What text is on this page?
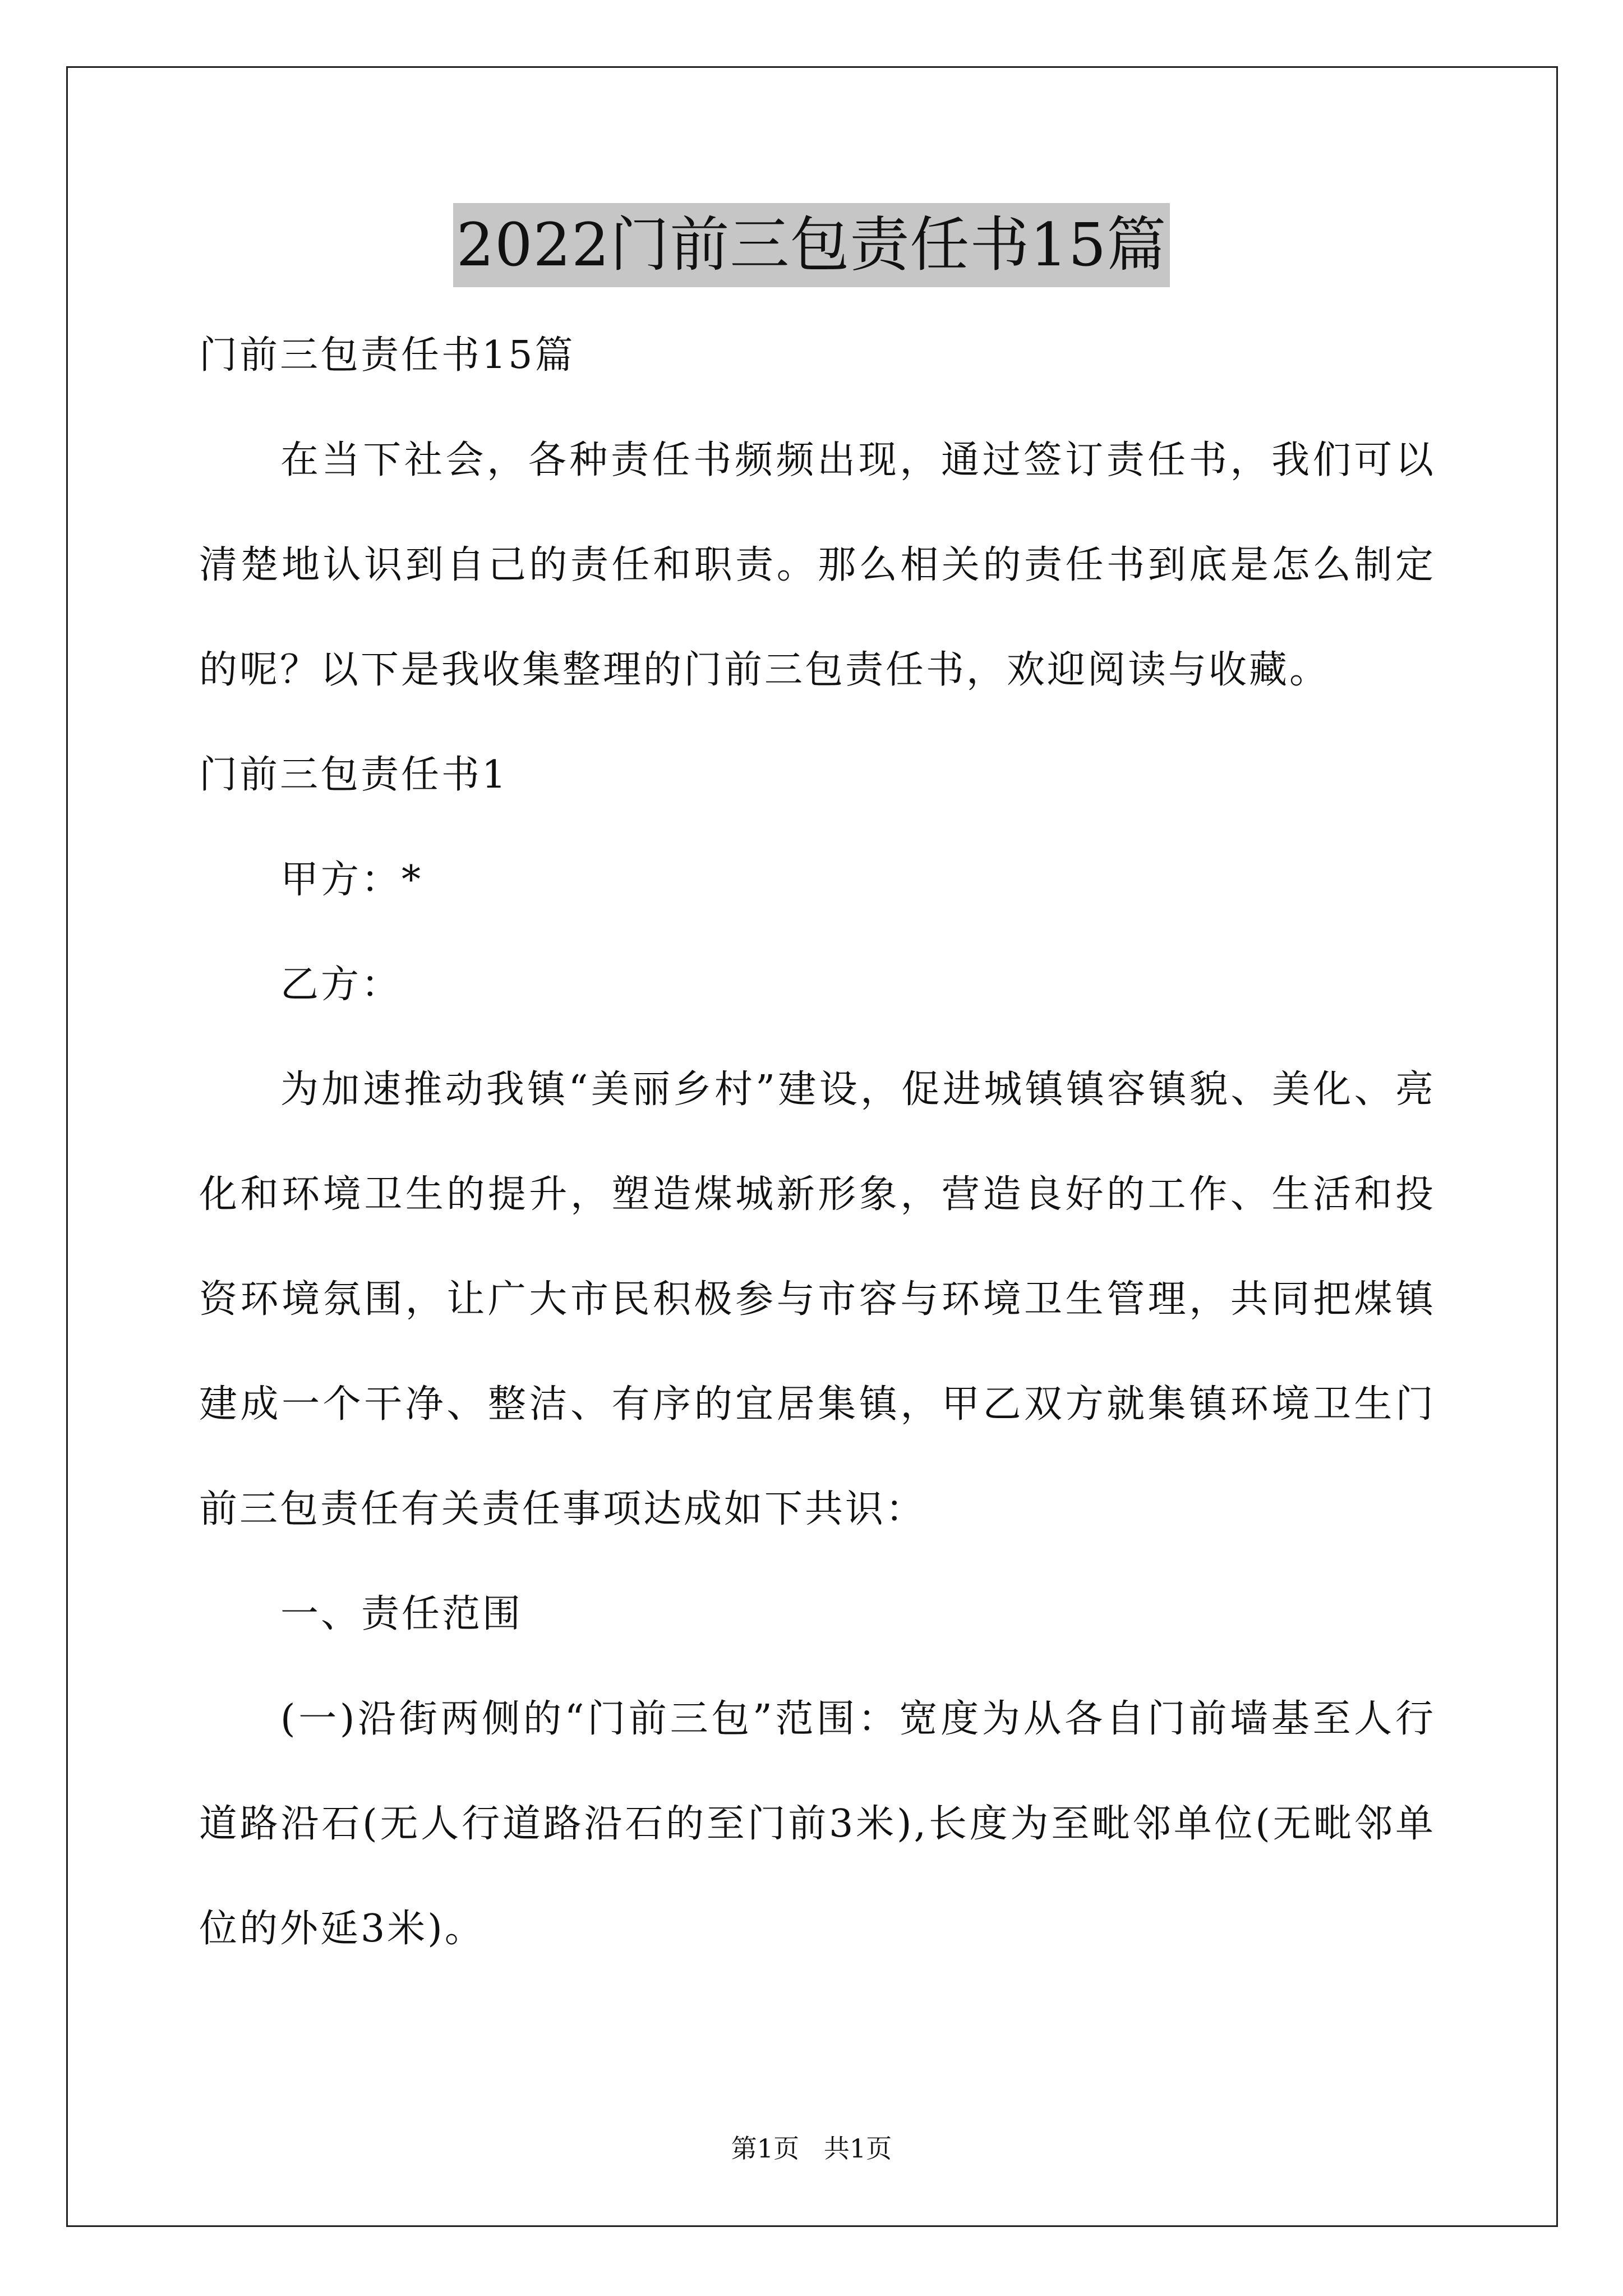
2022门前三包责任书15篇
门前三包责任书15篇

在当下社会，各种责任书频频出现，通过签订责任书，我们可以清楚地认识到自己的责任和职责。那么相关的责任书到底是怎么制定的呢？以下是我收集整理的门前三包责任书，欢迎阅读与收藏。

门前三包责任书1

甲方：*

乙方：

为加速推动我镇“美丽乡村”建设，促进城镇镇容镇貌、美化、亮化和环境卫生的提升，塑造煤城新形象，营造良好的工作、生活和投资环境氛围，让广大市民积极参与市容与环境卫生管理，共同把煤镇建成一个干净、整洁、有序的宜居集镇，甲乙双方就集镇环境卫生门前三包责任有关责任事项达成如下共识：

一、责任范围

(一)沿街两侧的“门前三包”范围：宽度为从各自门前墙基至人行道路沿石(无人行道路沿石的至门前3米),长度为至毗邻单位(无毗邻单位的外延3米)。

第1页   共1页
